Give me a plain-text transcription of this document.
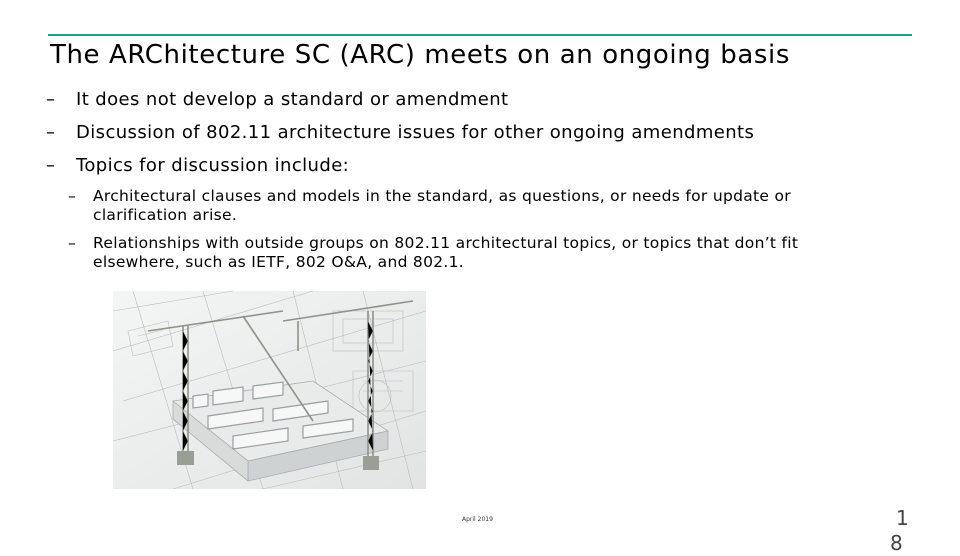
The ARChitecture SC (ARC) meets on an ongoing basis
– It does not develop a standard or amendment
– Discussion of 802.11 architecture issues for other ongoing amendments
– Topics for discussion include:
– Architectural clauses and models in the standard, as questions, or needs for update or
clarification arise.
– Relationships with outside groups on 802.11 architectural topics, or topics that don’t fit
elsewhere, such as IETF, 802 O&A, and 802.1.
April 2019	1
8
